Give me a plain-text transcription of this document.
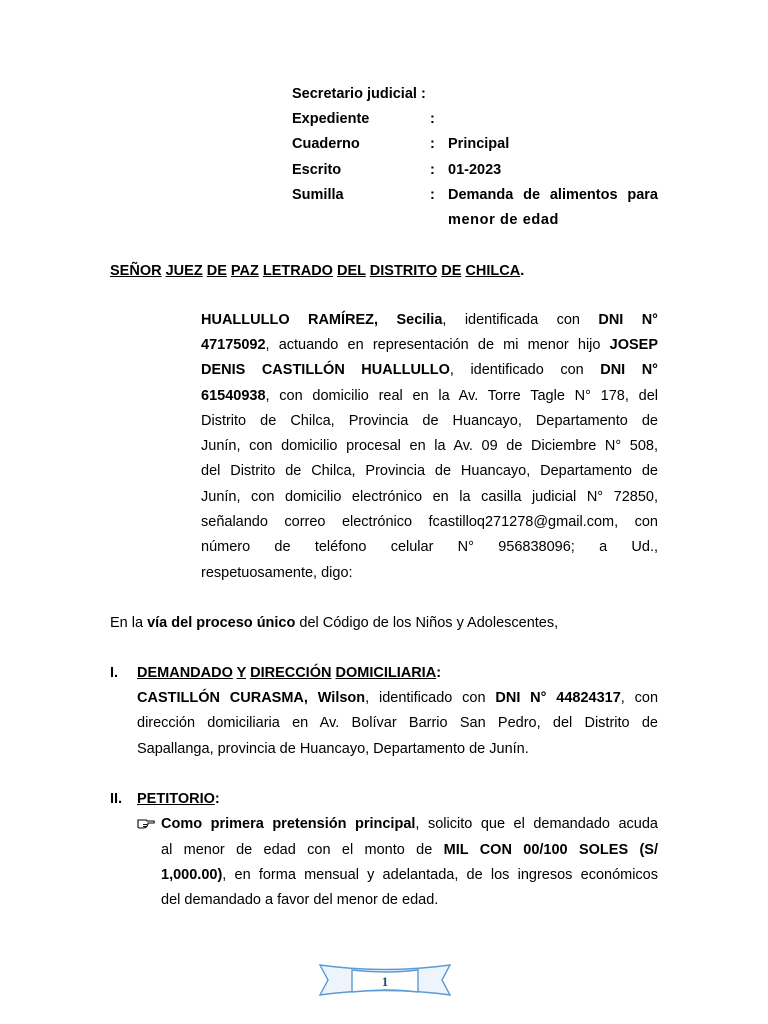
Secretario judicial :
Expediente	:
Cuaderno	: Principal
Escrito	: 01-2023
Sumilla	: Demanda de alimentos para
menor de edad
SEÑOR JUEZ DE PAZ LETRADO DEL DISTRITO DE CHILCA.
HUALLULLO RAMÍREZ, Secilia, identificada con DNI N°
47175092, actuando en representación de mi menor hijo JOSEP
DENIS CASTILLÓN HUALLULLO, identificado con DNI N°
61540938, con domicilio real en la Av. Torre Tagle N° 178, del
Distrito de Chilca, Provincia de Huancayo, Departamento de
Junín, con domicilio procesal en la Av. 09 de Diciembre N° 508,
del Distrito de Chilca, Provincia de Huancayo, Departamento de
Junín, con domicilio electrónico en la casilla judicial N° 72850,
señalando correo electrónico fcastilloq271278@gmail.com, con
número de teléfono celular N° 956838096; a Ud.,
respetuosamente, digo:
En la vía del proceso único del Código de los Niños y Adolescentes,
I. DEMANDADO Y DIRECCIÓN DOMICILIARIA:
CASTILLÓN CURASMA, Wilson, identificado con DNI N° 44824317, con
dirección domiciliaria en Av. Bolívar Barrio San Pedro, del Distrito de
Sapallanga, provincia de Huancayo, Departamento de Junín.
II. PETITORIO:
Como primera pretensión principal, solicito que el demandado acuda
al menor de edad con el monto de MIL CON 00/100 SOLES (S/
1,000.00), en forma mensual y adelantada, de los ingresos económicos
del demandado a favor del menor de edad.
1
